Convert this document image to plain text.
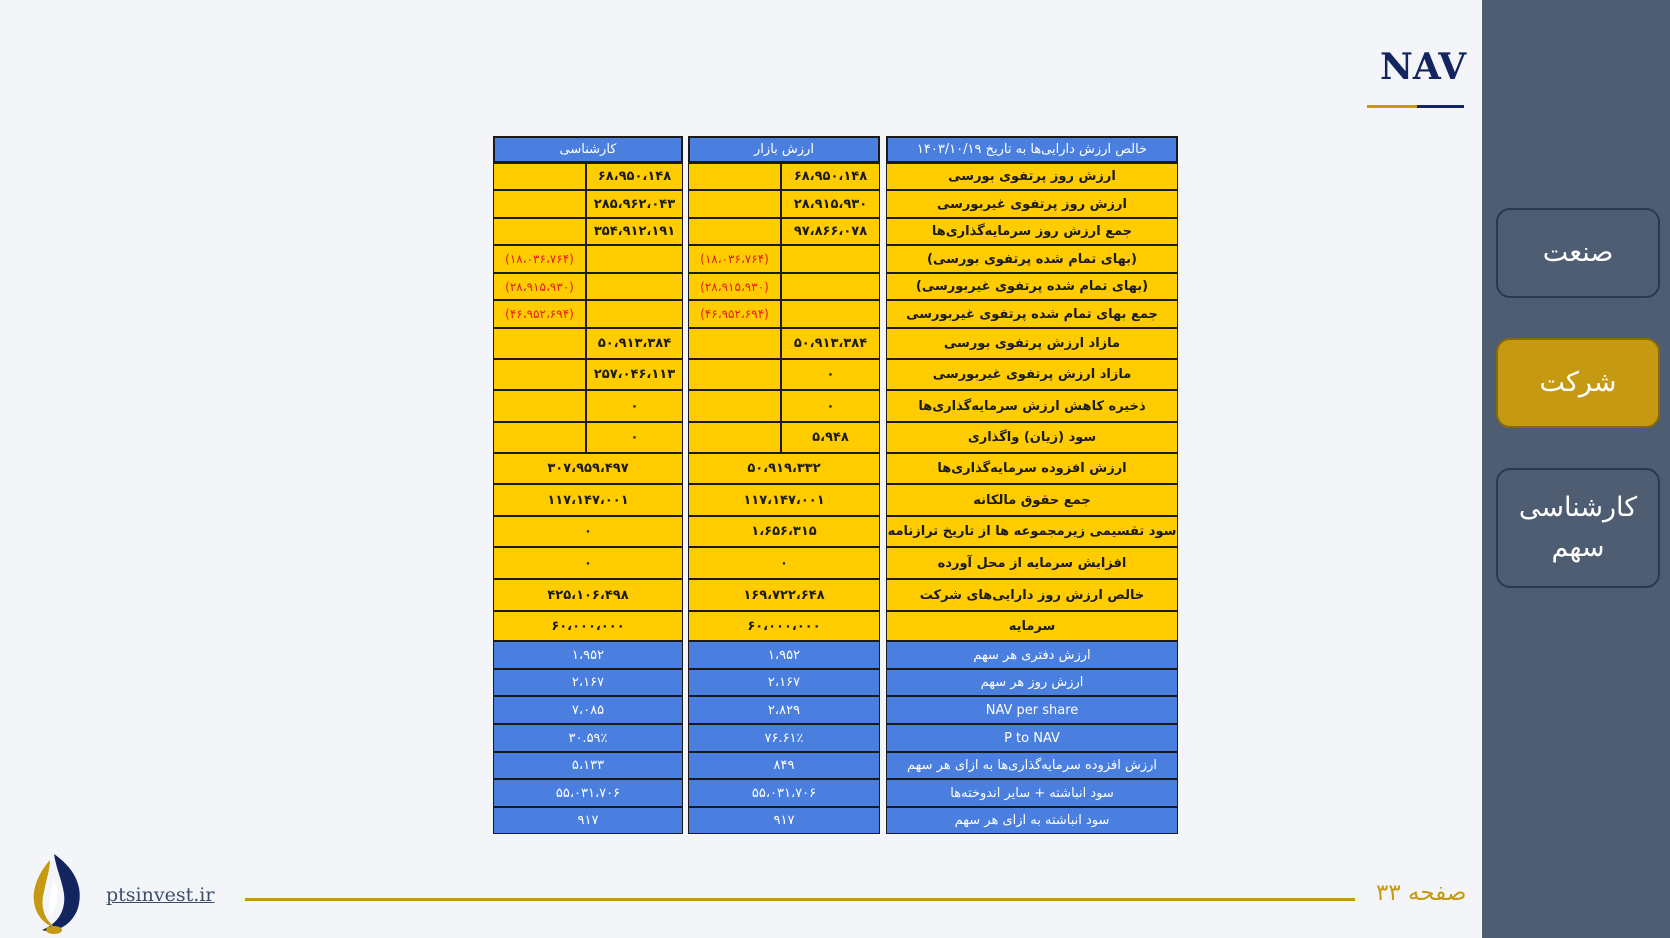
صنعت
شرکت
کارشناسی
سهم
NAV
خالص ارزش دارایی‌ها به تاریخ ۱۴۰۳/۱۰/۱۹
ارزش بازار
کارشناسی
ارزش روز پرتفوی بورسی
۶۸،۹۵۰،۱۴۸
۶۸،۹۵۰،۱۴۸
ارزش روز پرتفوی غیربورسی
۲۸،۹۱۵،۹۳۰
۲۸۵،۹۶۲،۰۴۳
جمع ارزش روز سرمایه‌گذاری‌ها
۹۷،۸۶۶،۰۷۸
۳۵۴،۹۱۲،۱۹۱
(بهای تمام شده پرتفوی بورسی)
(۱۸،۰۳۶،۷۶۴)
(۱۸،۰۳۶،۷۶۴)
(بهای تمام شده پرتفوی غیربورسی)
(۲۸،۹۱۵،۹۳۰)
(۲۸،۹۱۵،۹۳۰)
جمع بهای تمام شده پرتفوی غیربورسی
(۴۶،۹۵۲،۶۹۴)
(۴۶،۹۵۲،۶۹۴)
مازاد ارزش پرتفوی بورسی
۵۰،۹۱۳،۳۸۴
۵۰،۹۱۳،۳۸۴
مازاد ارزش پرتفوی غیربورسی
۰
۲۵۷،۰۴۶،۱۱۳
ذخیره کاهش ارزش سرمایه‌گذاری‌ها
۰
۰
سود (زیان) واگذاری
۵،۹۴۸
۰
ارزش افزوده سرمایه‌گذاری‌ها
۵۰،۹۱۹،۳۳۲
۳۰۷،۹۵۹،۴۹۷
جمع حقوق مالکانه
۱۱۷،۱۴۷،۰۰۱
۱۱۷،۱۴۷،۰۰۱
سود تقسیمی زیرمجموعه ها از تاریخ ترازنامه
۱،۶۵۶،۳۱۵
۰
افزایش سرمایه از محل آورده
۰
۰
خالص ارزش روز دارایی‌های شرکت
۱۶۹،۷۲۲،۶۴۸
۴۲۵،۱۰۶،۴۹۸
سرمایه
۶۰،۰۰۰،۰۰۰
۶۰،۰۰۰،۰۰۰
ارزش دفتری هر سهم
۱،۹۵۲
۱،۹۵۲
ارزش روز هر سهم
۲،۱۶۷
۲،۱۶۷
NAV per share
۲،۸۲۹
۷،۰۸۵
P to NAV
۷۶.۶۱٪
۳۰.۵۹٪
ارزش افزوده سرمایه‌گذاری‌ها به ازای هر سهم
۸۴۹
۵،۱۳۳
سود انباشته + سایر اندوخته‌ها
۵۵،۰۳۱،۷۰۶
۵۵،۰۳۱،۷۰۶
سود انباشته به ازای هر سهم
۹۱۷
۹۱۷
ptsinvest.ir	صفحه ۳۳
